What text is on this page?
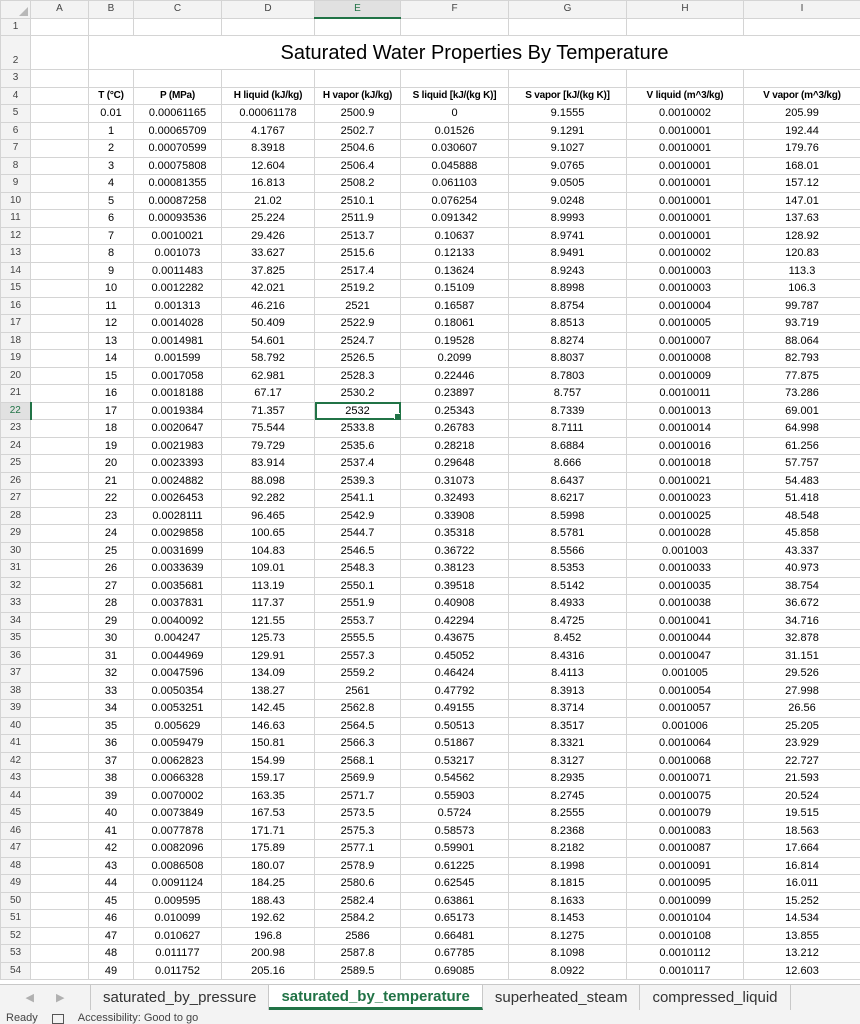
	A	B	C	D	E	F	G	H	I
1									
2		Saturated Water Properties By Temperature							
3									
4		T (°C)	P (MPa)	H liquid (kJ/kg)	H vapor (kJ/kg)	S liquid [kJ/(kg K)]	S vapor [kJ/(kg K)]	V liquid (m^3/kg)	V vapor (m^3/kg)
5		0.01	0.00061165	0.00061178	2500.9	0	9.1555	0.0010002	205.99
6		1	0.00065709	4.1767	2502.7	0.01526	9.1291	0.0010001	192.44
7		2	0.00070599	8.3918	2504.6	0.030607	9.1027	0.0010001	179.76
8		3	0.00075808	12.604	2506.4	0.045888	9.0765	0.0010001	168.01
9		4	0.00081355	16.813	2508.2	0.061103	9.0505	0.0010001	157.12
10		5	0.00087258	21.02	2510.1	0.076254	9.0248	0.0010001	147.01
11		6	0.00093536	25.224	2511.9	0.091342	8.9993	0.0010001	137.63
12		7	0.0010021	29.426	2513.7	0.10637	8.9741	0.0010001	128.92
13		8	0.001073	33.627	2515.6	0.12133	8.9491	0.0010002	120.83
14		9	0.0011483	37.825	2517.4	0.13624	8.9243	0.0010003	113.3
15		10	0.0012282	42.021	2519.2	0.15109	8.8998	0.0010003	106.3
16		11	0.001313	46.216	2521	0.16587	8.8754	0.0010004	99.787
17		12	0.0014028	50.409	2522.9	0.18061	8.8513	0.0010005	93.719
18		13	0.0014981	54.601	2524.7	0.19528	8.8274	0.0010007	88.064
19		14	0.001599	58.792	2526.5	0.2099	8.8037	0.0010008	82.793
20		15	0.0017058	62.981	2528.3	0.22446	8.7803	0.0010009	77.875
21		16	0.0018188	67.17	2530.2	0.23897	8.757	0.0010011	73.286
22		17	0.0019384	71.357	2532	0.25343	8.7339	0.0010013	69.001
23		18	0.0020647	75.544	2533.8	0.26783	8.7111	0.0010014	64.998
24		19	0.0021983	79.729	2535.6	0.28218	8.6884	0.0010016	61.256
25		20	0.0023393	83.914	2537.4	0.29648	8.666	0.0010018	57.757
26		21	0.0024882	88.098	2539.3	0.31073	8.6437	0.0010021	54.483
27		22	0.0026453	92.282	2541.1	0.32493	8.6217	0.0010023	51.418
28		23	0.0028111	96.465	2542.9	0.33908	8.5998	0.0010025	48.548
29		24	0.0029858	100.65	2544.7	0.35318	8.5781	0.0010028	45.858
30		25	0.0031699	104.83	2546.5	0.36722	8.5566	0.001003	43.337
31		26	0.0033639	109.01	2548.3	0.38123	8.5353	0.0010033	40.973
32		27	0.0035681	113.19	2550.1	0.39518	8.5142	0.0010035	38.754
33		28	0.0037831	117.37	2551.9	0.40908	8.4933	0.0010038	36.672
34		29	0.0040092	121.55	2553.7	0.42294	8.4725	0.0010041	34.716
35		30	0.004247	125.73	2555.5	0.43675	8.452	0.0010044	32.878
36		31	0.0044969	129.91	2557.3	0.45052	8.4316	0.0010047	31.151
37		32	0.0047596	134.09	2559.2	0.46424	8.4113	0.001005	29.526
38		33	0.0050354	138.27	2561	0.47792	8.3913	0.0010054	27.998
39		34	0.0053251	142.45	2562.8	0.49155	8.3714	0.0010057	26.56
40		35	0.005629	146.63	2564.5	0.50513	8.3517	0.001006	25.205
41		36	0.0059479	150.81	2566.3	0.51867	8.3321	0.0010064	23.929
42		37	0.0062823	154.99	2568.1	0.53217	8.3127	0.0010068	22.727
43		38	0.0066328	159.17	2569.9	0.54562	8.2935	0.0010071	21.593
44		39	0.0070002	163.35	2571.7	0.55903	8.2745	0.0010075	20.524
45		40	0.0073849	167.53	2573.5	0.5724	8.2555	0.0010079	19.515
46		41	0.0077878	171.71	2575.3	0.58573	8.2368	0.0010083	18.563
47		42	0.0082096	175.89	2577.1	0.59901	8.2182	0.0010087	17.664
48		43	0.0086508	180.07	2578.9	0.61225	8.1998	0.0010091	16.814
49		44	0.0091124	184.25	2580.6	0.62545	8.1815	0.0010095	16.011
50		45	0.009595	188.43	2582.4	0.63861	8.1633	0.0010099	15.252
51		46	0.010099	192.62	2584.2	0.65173	8.1453	0.0010104	14.534
52		47	0.010627	196.8	2586	0.66481	8.1275	0.0010108	13.855
53		48	0.011177	200.98	2587.8	0.67785	8.1098	0.0010112	13.212
54		49	0.011752	205.16	2589.5	0.69085	8.0922	0.0010117	12.603
◀ ▶	saturated_by_pressure	saturated_by_temperature	superheated_steam	compressed_liquid
Ready	Accessibility: Good to go
